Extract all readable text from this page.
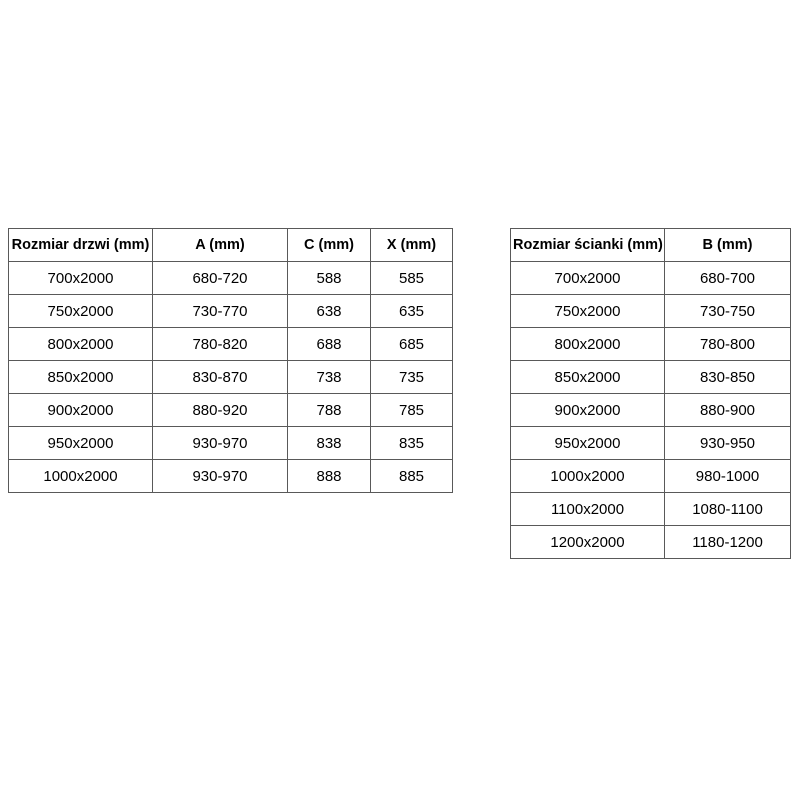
Rozmiar drzwi (mm)	A (mm)	C (mm)	X (mm)
700x2000	680-720	588	585
750x2000	730-770	638	635
800x2000	780-820	688	685
850x2000	830-870	738	735
900x2000	880-920	788	785
950x2000	930-970	838	835
1000x2000	930-970	888	885
Rozmiar ścianki (mm)	B (mm)
700x2000	680-700
750x2000	730-750
800x2000	780-800
850x2000	830-850
900x2000	880-900
950x2000	930-950
1000x2000	980-1000
1100x2000	1080-1100
1200x2000	1180-1200
